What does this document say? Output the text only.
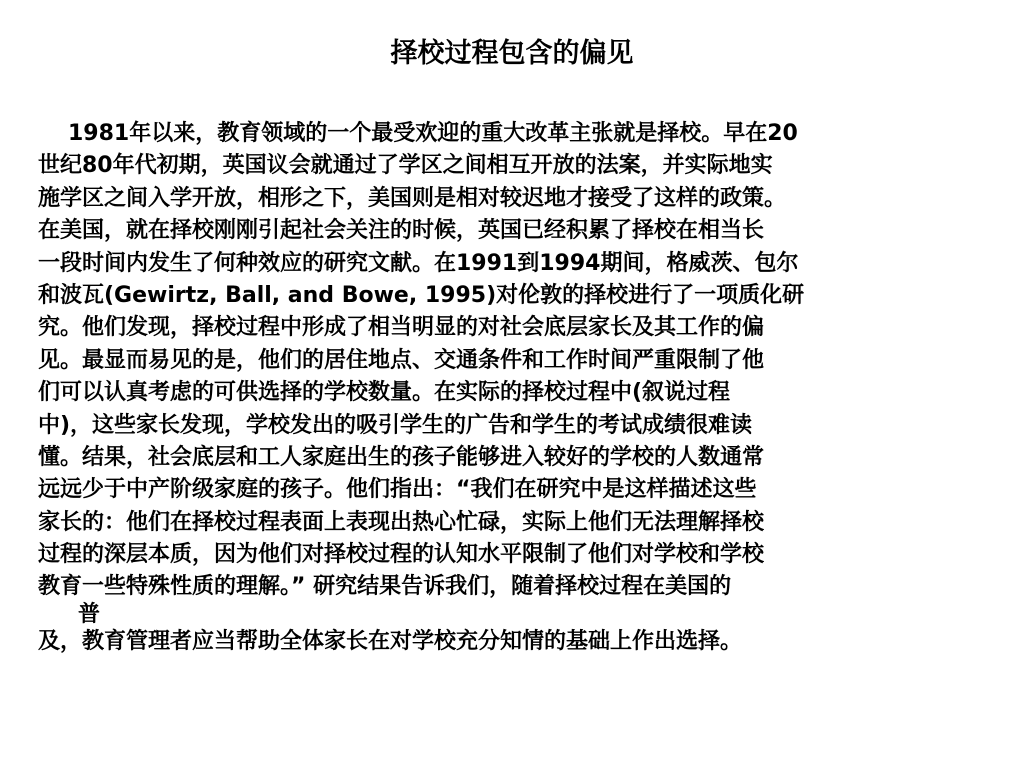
择校过程包含的偏见
1981年以来，教育领域的一个最受欢迎的重大改革主张就是择校。早在20
世纪80年代初期，英国议会就通过了学区之间相互开放的法案，并实际地实
施学区之间入学开放，相形之下，美国则是相对较迟地才接受了这样的政策。
在美国，就在择校刚刚引起社会关注的时候，英国已经积累了择校在相当长
一段时间内发生了何种效应的研究文献。在1991到1994期间，格威茨、包尔
和波瓦(Gewirtz, Ball, and Bowe, 1995)对伦敦的择校进行了一项质化研
究。他们发现，择校过程中形成了相当明显的对社会底层家长及其工作的偏
见。最显而易见的是，他们的居住地点、交通条件和工作时间严重限制了他
们可以认真考虑的可供选择的学校数量。在实际的择校过程中(叙说过程
中)，这些家长发现，学校发出的吸引学生的广告和学生的考试成绩很难读
懂。结果，社会底层和工人家庭出生的孩子能够进入较好的学校的人数通常
远远少于中产阶级家庭的孩子。他们指出：“我们在研究中是这样描述这些
家长的：他们在择校过程表面上表现出热心忙碌，实际上他们无法理解择校
过程的深层本质，因为他们对择校过程的认知水平限制了他们对学校和学校
教育一些特殊性质的理解。” 研究结果告诉我们，随着择校过程在美国的
普
及，教育管理者应当帮助全体家长在对学校充分知情的基础上作出选择。
